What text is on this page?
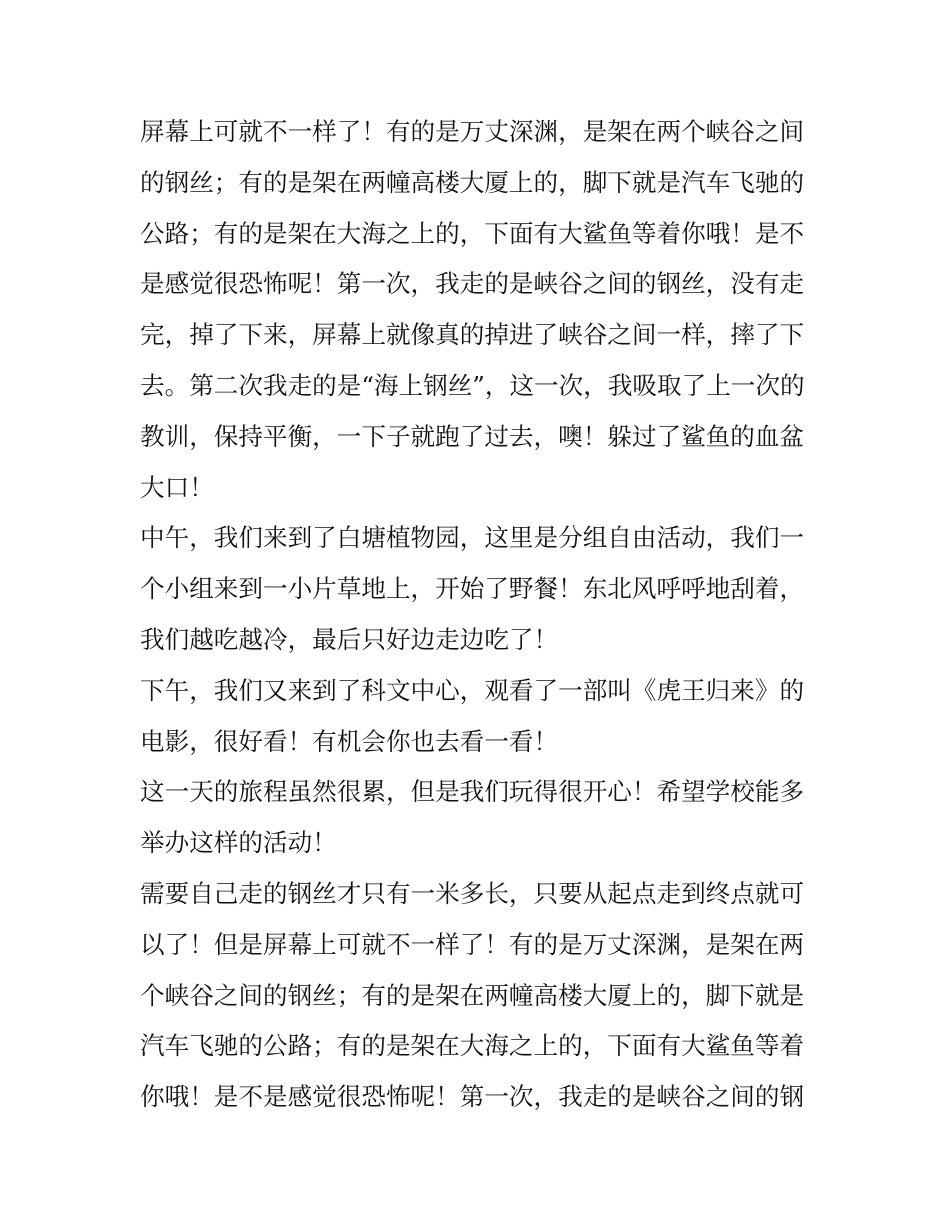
屏幕上可就不一样了！有的是万丈深渊，是架在两个峡谷之间
的钢丝；有的是架在两幢高楼大厦上的，脚下就是汽车飞驰的
公路；有的是架在大海之上的，下面有大鲨鱼等着你哦！是不
是感觉很恐怖呢！第一次，我走的是峡谷之间的钢丝，没有走
完，掉了下来，屏幕上就像真的掉进了峡谷之间一样，摔了下
去。第二次我走的是“海上钢丝”，这一次，我吸取了上一次的
教训，保持平衡，一下子就跑了过去，噢！躲过了鲨鱼的血盆
大口！
中午，我们来到了白塘植物园，这里是分组自由活动，我们一
个小组来到一小片草地上，开始了野餐！东北风呼呼地刮着，
我们越吃越冷，最后只好边走边吃了！
下午，我们又来到了科文中心，观看了一部叫《虎王归来》的
电影，很好看！有机会你也去看一看！
这一天的旅程虽然很累，但是我们玩得很开心！希望学校能多
举办这样的活动！
需要自己走的钢丝才只有一米多长，只要从起点走到终点就可
以了！但是屏幕上可就不一样了！有的是万丈深渊，是架在两
个峡谷之间的钢丝；有的是架在两幢高楼大厦上的，脚下就是
汽车飞驰的公路；有的是架在大海之上的，下面有大鲨鱼等着
你哦！是不是感觉很恐怖呢！第一次，我走的是峡谷之间的钢
